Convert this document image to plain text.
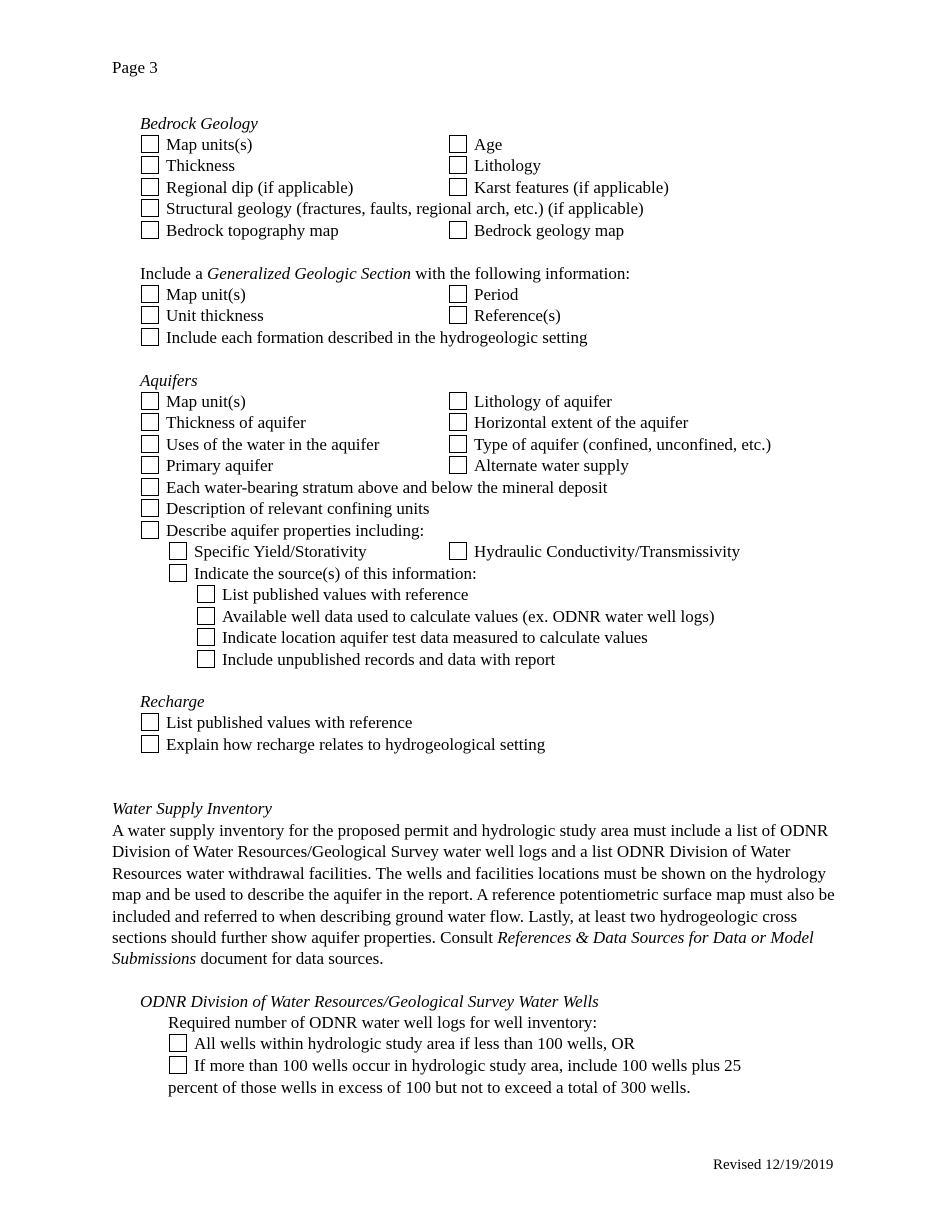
Page 3
Bedrock Geology
Map units(s)	Age
Thickness	Lithology
Regional dip (if applicable)	Karst features (if applicable)
Structural geology (fractures, faults, regional arch, etc.) (if applicable)
Bedrock topography map	Bedrock geology map
Include a Generalized Geologic Section with the following information:
Map unit(s)	Period
Unit thickness	Reference(s)
Include each formation described in the hydrogeologic setting
Aquifers
Map unit(s)	Lithology of aquifer
Thickness of aquifer	Horizontal extent of the aquifer
Uses of the water in the aquifer	Type of aquifer (confined, unconfined, etc.)
Primary aquifer	Alternate water supply
Each water-bearing stratum above and below the mineral deposit
Description of relevant confining units
Describe aquifer properties including:
Specific Yield/Storativity	Hydraulic Conductivity/Transmissivity
Indicate the source(s) of this information:
List published values with reference
Available well data used to calculate values (ex. ODNR water well logs)
Indicate location aquifer test data measured to calculate values
Include unpublished records and data with report
Recharge
List published values with reference
Explain how recharge relates to hydrogeological setting
Water Supply Inventory
A water supply inventory for the proposed permit and hydrologic study area must include a list of ODNR Division of Water Resources/Geological Survey water well logs and a list ODNR Division of Water Resources water withdrawal facilities. The wells and facilities locations must be shown on the hydrology map and be used to describe the aquifer in the report. A reference potentiometric surface map must also be included and referred to when describing ground water flow. Lastly, at least two hydrogeologic cross sections should further show aquifer properties. Consult References & Data Sources for Data or Model Submissions document for data sources.
ODNR Division of Water Resources/Geological Survey Water Wells
Required number of ODNR water well logs for well inventory:
All wells within hydrologic study area if less than 100 wells, OR
If more than 100 wells occur in hydrologic study area, include 100 wells plus 25
percent of those wells in excess of 100 but not to exceed a total of 300 wells.
Revised 12/19/2019
